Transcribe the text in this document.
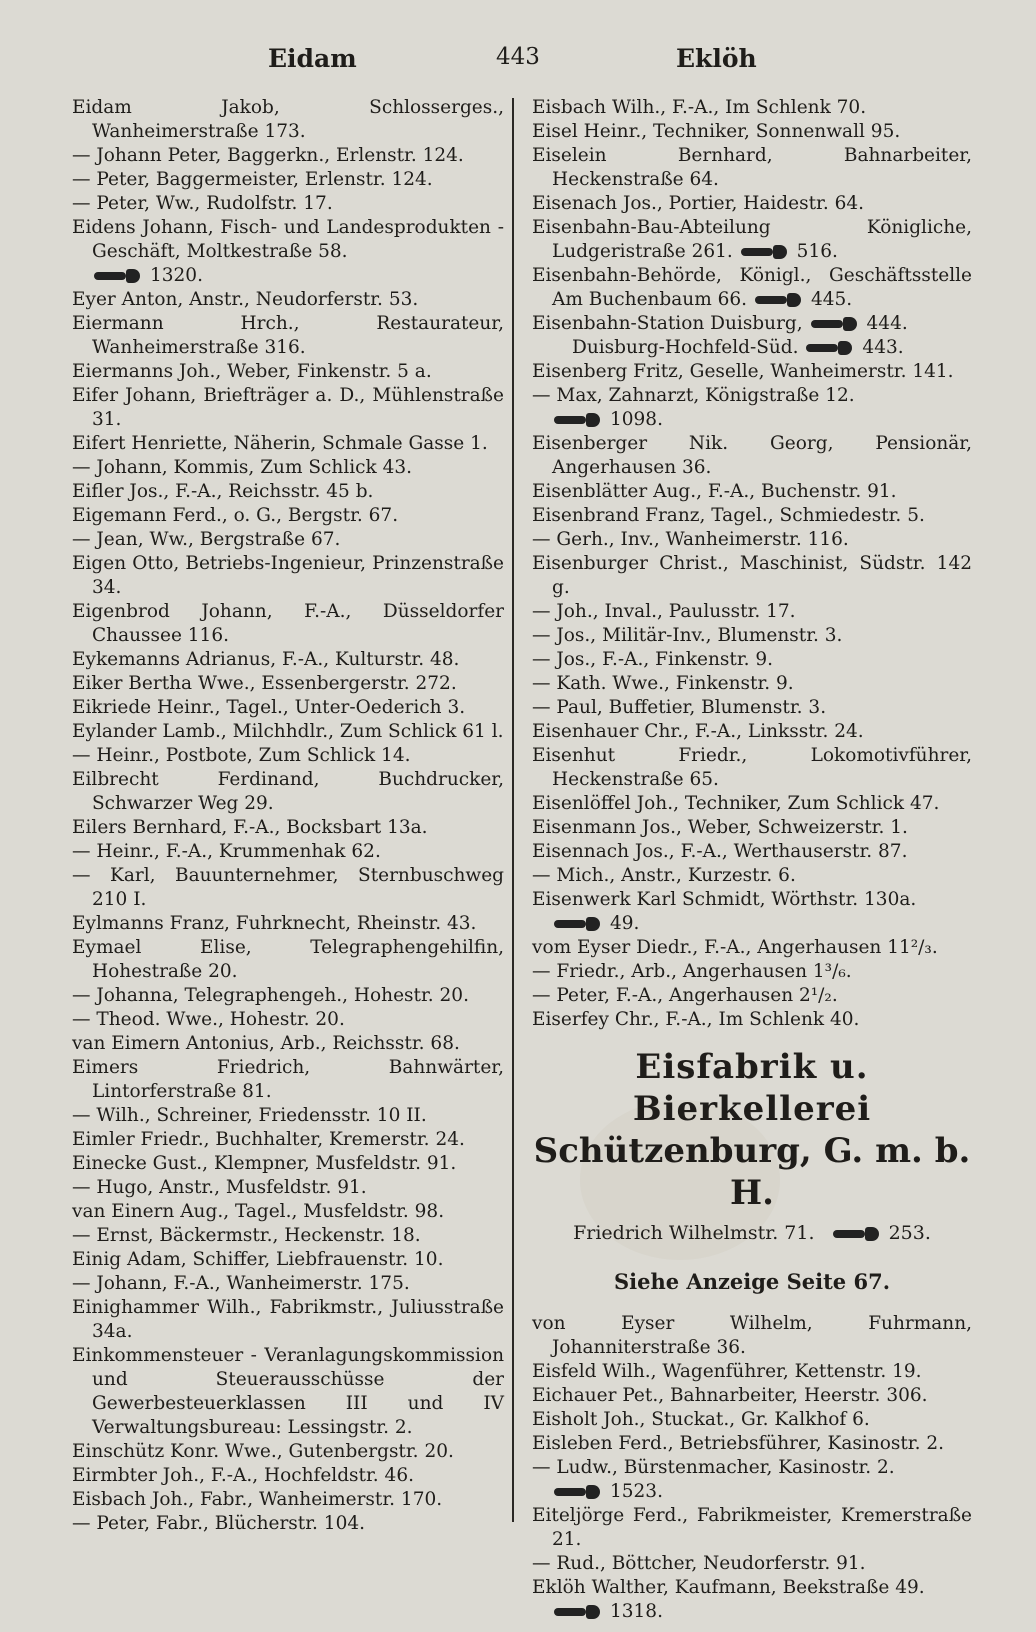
Eidam	443	Eklöh

Eidam Jakob, Schlosserges., Wanheimerstraße 173.

— Johann Peter, Baggerkn., Erlenstr. 124.

— Peter, Baggermeister, Erlenstr. 124.

— Peter, Ww., Rudolfstr. 17.

Eidens Johann, Fisch- und Landesprodukten - Geschäft, Moltkestraße 58.
1320.

Eyer Anton, Anstr., Neudorferstr. 53.

Eiermann Hrch., Restaurateur, Wanheimerstraße 316.

Eiermanns Joh., Weber, Finkenstr. 5 a.

Eifer Johann, Briefträger a. D., Mühlenstraße 31.

Eifert Henriette, Näherin, Schmale Gasse 1.

— Johann, Kommis, Zum Schlick 43.

Eifler Jos., F.-A., Reichsstr. 45 b.

Eigemann Ferd., o. G., Bergstr. 67.

— Jean, Ww., Bergstraße 67.

Eigen Otto, Betriebs-Ingenieur, Prinzenstraße 34.

Eigenbrod Johann, F.-A., Düsseldorfer Chaussee 116.

Eykemanns Adrianus, F.-A., Kulturstr. 48.

Eiker Bertha Wwe., Essenbergerstr. 272.

Eikriede Heinr., Tagel., Unter-Oederich 3.

Eylander Lamb., Milchhdlr., Zum Schlick 61 l.

— Heinr., Postbote, Zum Schlick 14.

Eilbrecht Ferdinand, Buchdrucker, Schwarzer Weg 29.

Eilers Bernhard, F.-A., Bocksbart 13a.

— Heinr., F.-A., Krummenhak 62.

— Karl, Bauunternehmer, Sternbuschweg 210 I.

Eylmanns Franz, Fuhrknecht, Rheinstr. 43.

Eymael Elise, Telegraphengehilfin, Hohestraße 20.

— Johanna, Telegraphengeh., Hohestr. 20.

— Theod. Wwe., Hohestr. 20.

van Eimern Antonius, Arb., Reichsstr. 68.

Eimers Friedrich, Bahnwärter, Lintorferstraße 81.

— Wilh., Schreiner, Friedensstr. 10 II.

Eimler Friedr., Buchhalter, Kremerstr. 24.

Einecke Gust., Klempner, Musfeldstr. 91.

— Hugo, Anstr., Musfeldstr. 91.

van Einern Aug., Tagel., Musfeldstr. 98.

— Ernst, Bäckermstr., Heckenstr. 18.

Einig Adam, Schiffer, Liebfrauenstr. 10.

— Johann, F.-A., Wanheimerstr. 175.

Einighammer Wilh., Fabrikmstr., Juliusstraße 34a.

Einkommensteuer - Veranlagungskommission und Steuerausschüsse der Gewerbesteuerklassen III und IV Verwaltungsbureau: Lessingstr. 2.

Einschütz Konr. Wwe., Gutenbergstr. 20.

Eirmbter Joh., F.-A., Hochfeldstr. 46.

Eisbach Joh., Fabr., Wanheimerstr. 170.

— Peter, Fabr., Blücherstr. 104.

Eisbach Wilh., F.-A., Im Schlenk 70.

Eisel Heinr., Techniker, Sonnenwall 95.

Eiselein Bernhard, Bahnarbeiter, Heckenstraße 64.

Eisenach Jos., Portier, Haidestr. 64.

Eisenbahn-Bau-Abteilung Königliche, Ludgeristraße 261.	516.

Eisenbahn-Behörde, Königl., Geschäftsstelle Am Buchenbaum 66.	445.

Eisenbahn-Station Duisburg,	444.

Duisburg-Hochfeld-Süd.	443.

Eisenberg Fritz, Geselle, Wanheimerstr. 141.

— Max, Zahnarzt, Königstraße 12.
1098.

Eisenberger Nik. Georg, Pensionär, Angerhausen 36.

Eisenblätter Aug., F.-A., Buchenstr. 91.

Eisenbrand Franz, Tagel., Schmiedestr. 5.

— Gerh., Inv., Wanheimerstr. 116.

Eisenburger Christ., Maschinist, Südstr. 142 g.

— Joh., Inval., Paulusstr. 17.

— Jos., Militär-Inv., Blumenstr. 3.

— Jos., F.-A., Finkenstr. 9.

— Kath. Wwe., Finkenstr. 9.

— Paul, Buffetier, Blumenstr. 3.

Eisenhauer Chr., F.-A., Linksstr. 24.

Eisenhut Friedr., Lokomotivführer, Heckenstraße 65.

Eisenlöffel Joh., Techniker, Zum Schlick 47.

Eisenmann Jos., Weber, Schweizerstr. 1.

Eisennach Jos., F.-A., Werthauserstr. 87.

— Mich., Anstr., Kurzestr. 6.

Eisenwerk Karl Schmidt, Wörthstr. 130a.
49.

vom Eyser Diedr., F.-A., Angerhausen 11²/₃.

— Friedr., Arb., Angerhausen 1³/₆.

— Peter, F.-A., Angerhausen 2¹/₂.

Eiserfey Chr., F.-A., Im Schlenk 40.

Eisfabrik u. Bierkellerei
Schützenburg, G. m. b. H.
Friedrich Wilhelmstr. 71.	253.
Siehe Anzeige Seite 67.

von Eyser Wilhelm, Fuhrmann, Johanniterstraße 36.

Eisfeld Wilh., Wagenführer, Kettenstr. 19.

Eichauer Pet., Bahnarbeiter, Heerstr. 306.

Eisholt Joh., Stuckat., Gr. Kalkhof 6.

Eisleben Ferd., Betriebsführer, Kasinostr. 2.

— Ludw., Bürstenmacher, Kasinostr. 2.
1523.

Eiteljörge Ferd., Fabrikmeister, Kremerstraße 21.

— Rud., Böttcher, Neudorferstr. 91.

Eklöh Walther, Kaufmann, Beekstraße 49.
1318.
